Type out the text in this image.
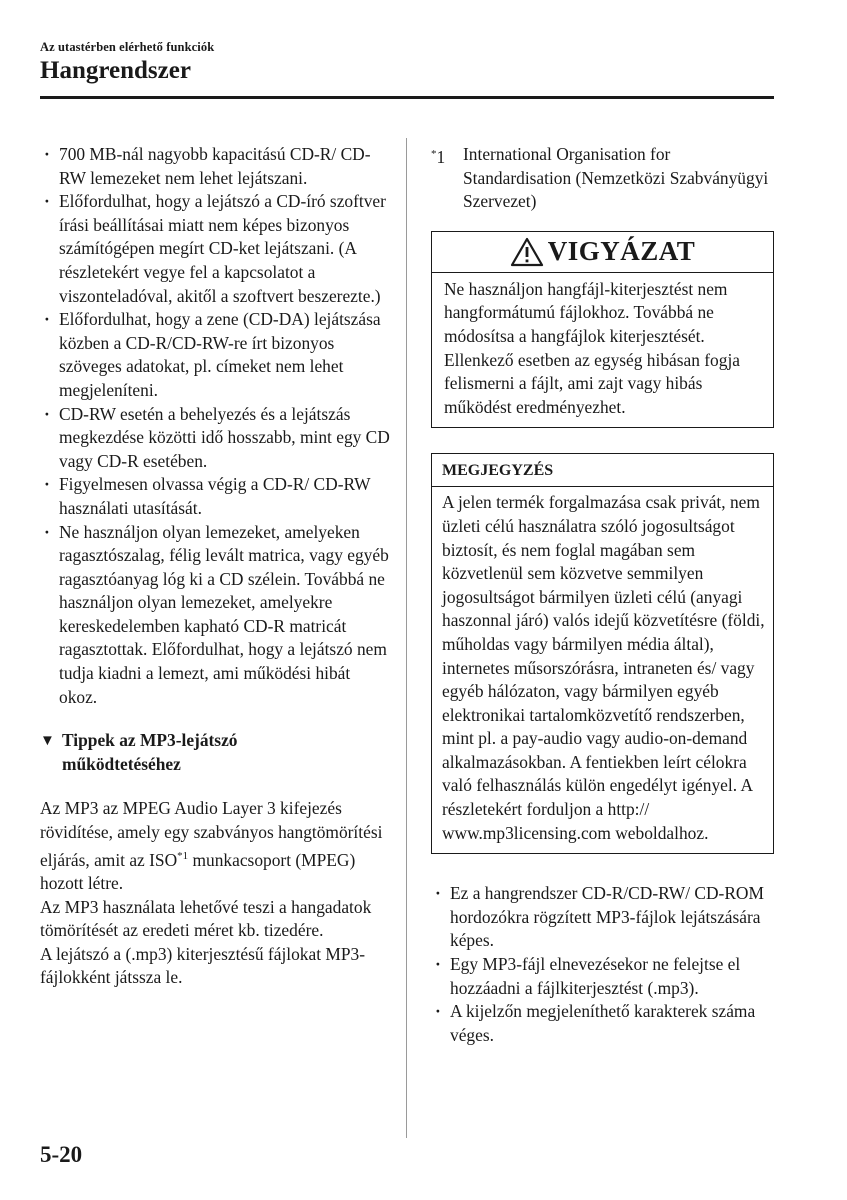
Az utastérben elérhető funkciók
Hangrendszer
· 700 MB-nál nagyobb kapacitású CD-R/ CD-RW lemezeket nem lehet lejátszani.
· Előfordulhat, hogy a lejátszó a CD-író szoftver írási beállításai miatt nem képes bizonyos számítógépen megírt CD-ket lejátszani. (A részletekért vegye fel a kapcsolatot a viszonteladóval, akitől a szoftvert beszerezte.)
· Előfordulhat, hogy a zene (CD-DA) lejátszása közben a CD-R/CD-RW-re írt bizonyos szöveges adatokat, pl. címeket nem lehet megjeleníteni.
· CD-RW esetén a behelyezés és a lejátszás megkezdése közötti idő hosszabb, mint egy CD vagy CD-R esetében.
· Figyelmesen olvassa végig a CD-R/ CD-RW használati utasítását.
· Ne használjon olyan lemezeket, amelyeken ragasztószalag, félig levált matrica, vagy egyéb ragasztóanyag lóg ki a CD szélein. Továbbá ne használjon olyan lemezeket, amelyekre kereskedelemben kapható CD-R matricát ragasztottak. Előfordulhat, hogy a lejátszó nem tudja kiadni a lemezt, ami működési hibát okoz.
▼ Tippek az MP3-lejátszó működtetéséhez
Az MP3 az MPEG Audio Layer 3 kifejezés rövidítése, amely egy szabványos hangtömörítési eljárás, amit az ISO$^{*1}$ munkacsoport (MPEG) hozott létre.
Az MP3 használata lehetővé teszi a hangadatok tömörítését az eredeti méret kb. tizedére.
A lejátszó a (.mp3) kiterjesztésű fájlokat MP3-fájlokként játssza le.
*1	International Organisation for Standardisation (Nemzetközi Szabványügyi Szervezet)
VIGYÁZAT
Ne használjon hangfájl-kiterjesztést nem hangformátumú fájlokhoz. Továbbá ne módosítsa a hangfájlok kiterjesztését. Ellenkező esetben az egység hibásan fogja felismerni a fájlt, ami zajt vagy hibás működést eredményezhet.
MEGJEGYZÉS
A jelen termék forgalmazása csak privát, nem üzleti célú használatra szóló jogosultságot biztosít, és nem foglal magában sem közvetlenül sem közvetve semmilyen jogosultságot bármilyen üzleti célú (anyagi haszonnal járó) valós idejű közvetítésre (földi, műholdas vagy bármilyen média által), internetes műsorszórásra, intraneten és/ vagy egyéb hálózaton, vagy bármilyen egyéb elektronikai tartalomközvetítő rendszerben, mint pl. a pay-audio vagy audio-on-demand alkalmazásokban. A fentiekben leírt célokra való felhasználás külön engedélyt igényel. A részletekért forduljon a http:// www.mp3licensing.com weboldalhoz.
· Ez a hangrendszer CD-R/CD-RW/ CD-ROM hordozókra rögzített MP3-fájlok lejátszására képes.
· Egy MP3-fájl elnevezésekor ne felejtse el hozzáadni a fájlkiterjesztést (.mp3).
· A kijelzőn megjeleníthető karakterek száma véges.
5-20
